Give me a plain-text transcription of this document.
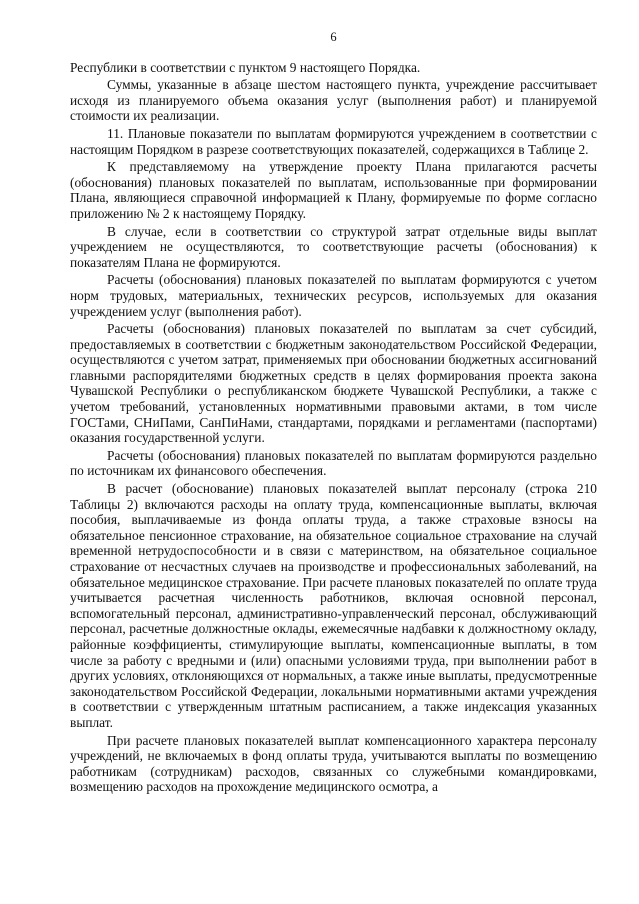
6

Республики в соответствии с пунктом 9 настоящего Порядка.

Суммы, указанные в абзаце шестом настоящего пункта, учреждение рассчитывает исходя из планируемого объема оказания услуг (выполнения работ) и планируемой стоимости их реализации.

11. Плановые показатели по выплатам формируются учреждением в соответствии с настоящим Порядком в разрезе соответствующих показателей, содержащихся в Таблице 2.

К представляемому на утверждение проекту Плана прилагаются расчеты (обоснования) плановых показателей по выплатам, использованные при формировании Плана, являющиеся справочной информацией к Плану, формируемые по форме согласно приложению № 2 к настоящему Порядку.

В случае, если в соответствии со структурой затрат отдельные виды выплат учреждением не осуществляются, то соответствующие расчеты (обоснования) к показателям Плана не формируются.

Расчеты (обоснования) плановых показателей по выплатам формируются с учетом норм трудовых, материальных, технических ресурсов, используемых для оказания учреждением услуг (выполнения работ).

Расчеты (обоснования) плановых показателей по выплатам за счет субсидий, предоставляемых в соответствии с бюджетным законодательством Российской Федерации, осуществляются с учетом затрат, применяемых при обосновании бюджетных ассигнований главными распорядителями бюджетных средств в целях формирования проекта закона Чувашской Республики о республиканском бюджете Чувашской Республики, а также с учетом требований, установленных нормативными правовыми актами, в том числе ГОСТами, СНиПами, СанПиНами, стандартами, порядками и регламентами (паспортами) оказания государственной услуги.

Расчеты (обоснования) плановых показателей по выплатам формируются раздельно по источникам их финансового обеспечения.

В расчет (обоснование) плановых показателей выплат персоналу (строка 210 Таблицы 2) включаются расходы на оплату труда, компенсационные выплаты, включая пособия, выплачиваемые из фонда оплаты труда, а также страховые взносы на обязательное пенсионное страхование, на обязательное социальное страхование на случай временной нетрудоспособности и в связи с материнством, на обязательное социальное страхование от несчастных случаев на производстве и профессиональных заболеваний, на обязательное медицинское страхование. При расчете плановых показателей по оплате труда учитывается расчетная численность работников, включая основной персонал, вспомогательный персонал, административно-управленческий персонал, обслуживающий персонал, расчетные должностные оклады, ежемесячные надбавки к должностному окладу, районные коэффициенты, стимулирующие выплаты, компенсационные выплаты, в том числе за работу с вредными и (или) опасными условиями труда, при выполнении работ в других условиях, отклоняющихся от нормальных, а также иные выплаты, предусмотренные законодательством Российской Федерации, локальными нормативными актами учреждения в соответствии с утвержденным штатным расписанием, а также индексация указанных выплат.

При расчете плановых показателей выплат компенсационного характера персоналу учреждений, не включаемых в фонд оплаты труда, учитываются выплаты по возмещению работникам (сотрудникам) расходов, связанных со служебными командировками, возмещению расходов на прохождение медицинского осмотра, а
